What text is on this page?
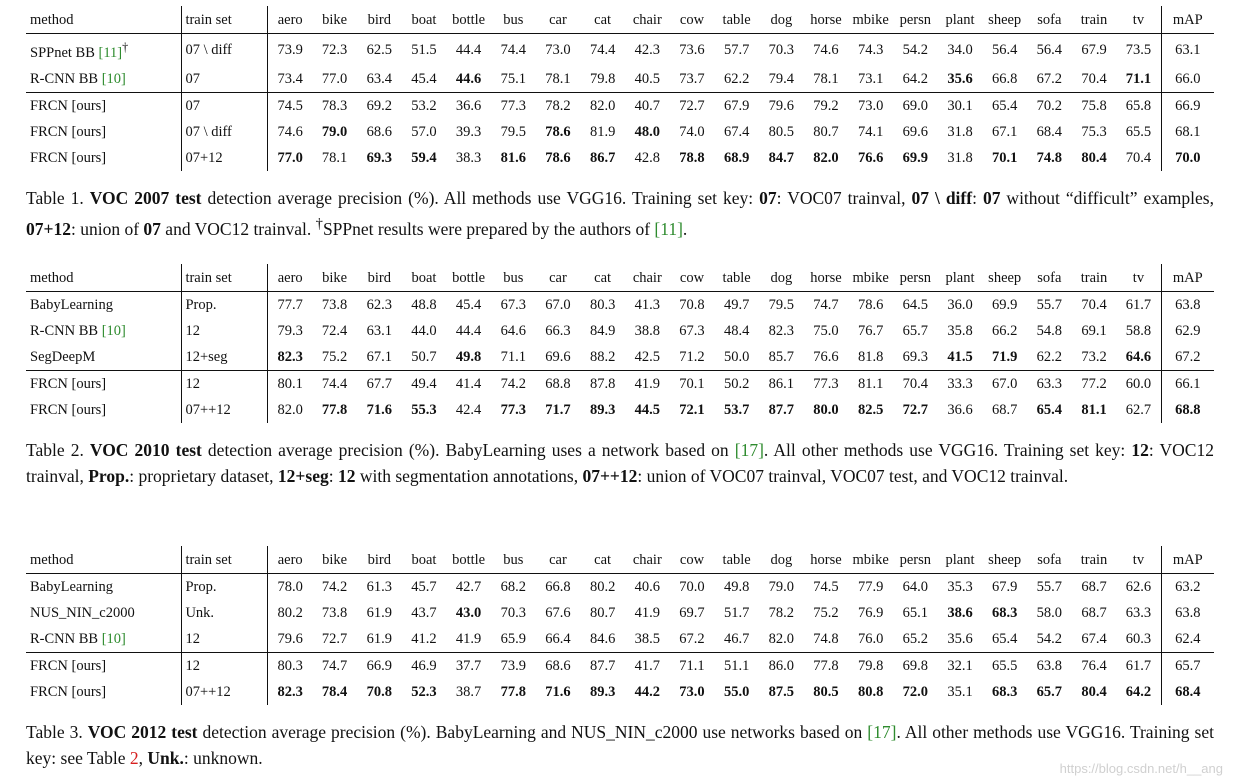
method	train set	aero	bike	bird	boat	bottle	bus	car	cat	chair	cow	table	dog	horse	mbike	persn	plant	sheep	sofa	train	tv	mAP
SPPnet BB [11]†	07 \ diff	73.9	72.3	62.5	51.5	44.4	74.4	73.0	74.4	42.3	73.6	57.7	70.3	74.6	74.3	54.2	34.0	56.4	56.4	67.9	73.5	63.1
R-CNN BB [10]	07	73.4	77.0	63.4	45.4	44.6	75.1	78.1	79.8	40.5	73.7	62.2	79.4	78.1	73.1	64.2	35.6	66.8	67.2	70.4	71.1	66.0
FRCN [ours]	07	74.5	78.3	69.2	53.2	36.6	77.3	78.2	82.0	40.7	72.7	67.9	79.6	79.2	73.0	69.0	30.1	65.4	70.2	75.8	65.8	66.9
FRCN [ours]	07 \ diff	74.6	79.0	68.6	57.0	39.3	79.5	78.6	81.9	48.0	74.0	67.4	80.5	80.7	74.1	69.6	31.8	67.1	68.4	75.3	65.5	68.1
FRCN [ours]	07+12	77.0	78.1	69.3	59.4	38.3	81.6	78.6	86.7	42.8	78.8	68.9	84.7	82.0	76.6	69.9	31.8	70.1	74.8	80.4	70.4	70.0
Table 1. VOC 2007 test detection average precision (%). All methods use VGG16. Training set key: 07: VOC07 trainval, 07 \ diff: 07 without “difficult” examples, 07+12: union of 07 and VOC12 trainval. †SPPnet results were prepared by the authors of [11].
method	train set	aero	bike	bird	boat	bottle	bus	car	cat	chair	cow	table	dog	horse	mbike	persn	plant	sheep	sofa	train	tv	mAP
BabyLearning	Prop.	77.7	73.8	62.3	48.8	45.4	67.3	67.0	80.3	41.3	70.8	49.7	79.5	74.7	78.6	64.5	36.0	69.9	55.7	70.4	61.7	63.8
R-CNN BB [10]	12	79.3	72.4	63.1	44.0	44.4	64.6	66.3	84.9	38.8	67.3	48.4	82.3	75.0	76.7	65.7	35.8	66.2	54.8	69.1	58.8	62.9
SegDeepM	12+seg	82.3	75.2	67.1	50.7	49.8	71.1	69.6	88.2	42.5	71.2	50.0	85.7	76.6	81.8	69.3	41.5	71.9	62.2	73.2	64.6	67.2
FRCN [ours]	12	80.1	74.4	67.7	49.4	41.4	74.2	68.8	87.8	41.9	70.1	50.2	86.1	77.3	81.1	70.4	33.3	67.0	63.3	77.2	60.0	66.1
FRCN [ours]	07++12	82.0	77.8	71.6	55.3	42.4	77.3	71.7	89.3	44.5	72.1	53.7	87.7	80.0	82.5	72.7	36.6	68.7	65.4	81.1	62.7	68.8
Table 2. VOC 2010 test detection average precision (%). BabyLearning uses a network based on [17]. All other methods use VGG16. Training set key: 12: VOC12 trainval, Prop.: proprietary dataset, 12+seg: 12 with segmentation annotations, 07++12: union of VOC07 trainval, VOC07 test, and VOC12 trainval.
method	train set	aero	bike	bird	boat	bottle	bus	car	cat	chair	cow	table	dog	horse	mbike	persn	plant	sheep	sofa	train	tv	mAP
BabyLearning	Prop.	78.0	74.2	61.3	45.7	42.7	68.2	66.8	80.2	40.6	70.0	49.8	79.0	74.5	77.9	64.0	35.3	67.9	55.7	68.7	62.6	63.2
NUS_NIN_c2000	Unk.	80.2	73.8	61.9	43.7	43.0	70.3	67.6	80.7	41.9	69.7	51.7	78.2	75.2	76.9	65.1	38.6	68.3	58.0	68.7	63.3	63.8
R-CNN BB [10]	12	79.6	72.7	61.9	41.2	41.9	65.9	66.4	84.6	38.5	67.2	46.7	82.0	74.8	76.0	65.2	35.6	65.4	54.2	67.4	60.3	62.4
FRCN [ours]	12	80.3	74.7	66.9	46.9	37.7	73.9	68.6	87.7	41.7	71.1	51.1	86.0	77.8	79.8	69.8	32.1	65.5	63.8	76.4	61.7	65.7
FRCN [ours]	07++12	82.3	78.4	70.8	52.3	38.7	77.8	71.6	89.3	44.2	73.0	55.0	87.5	80.5	80.8	72.0	35.1	68.3	65.7	80.4	64.2	68.4
Table 3. VOC 2012 test detection average precision (%). BabyLearning and NUS_NIN_c2000 use networks based on [17]. All other methods use VGG16. Training set key: see Table 2, Unk.: unknown.
https://blog.csdn.net/h__ang
